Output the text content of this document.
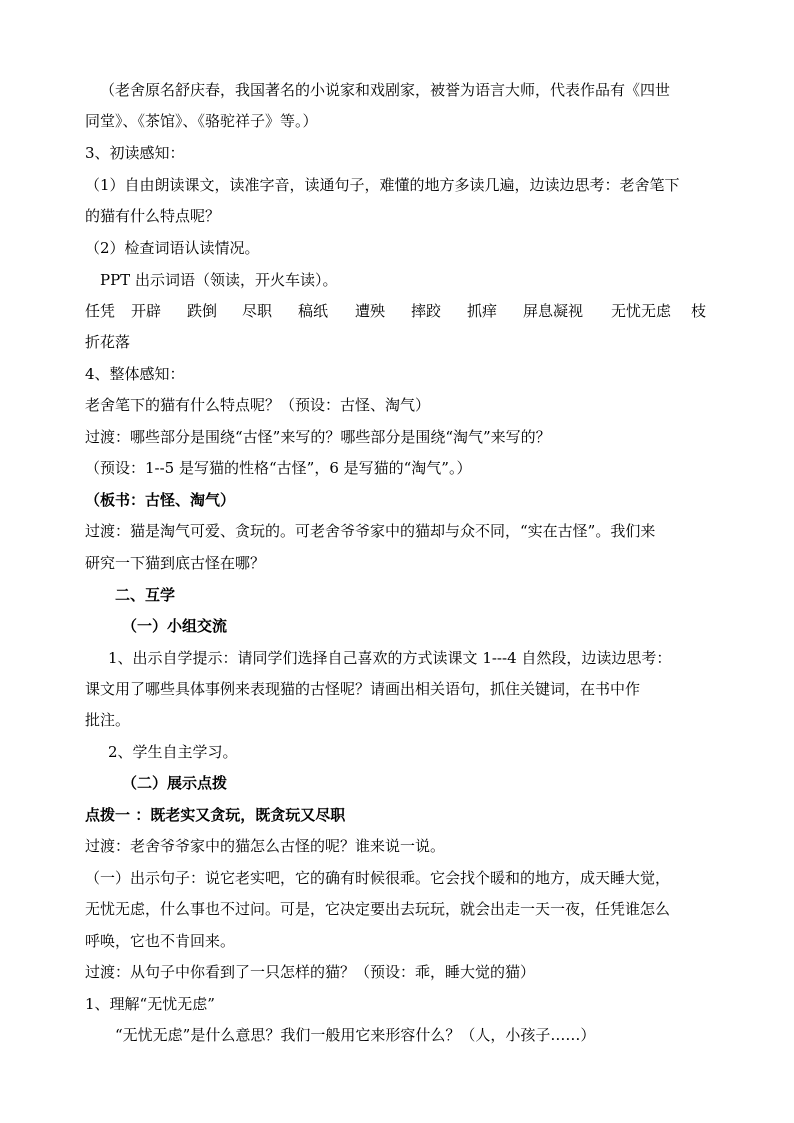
（老舍原名舒庆春，我国著名的小说家和戏剧家，被誉为语言大师，代表作品有《四世
同堂》、《茶馆》、《骆驼祥子》等。）
3、初读感知：
（1）自由朗读课文，读准字音，读通句子，难懂的地方多读几遍，边读边思考：老舍笔下
的猫有什么特点呢？
（2）检查词语认读情况。
PPT 出示词语（领读，开火车读）。
任凭 开辟 跌倒 尽职 稿纸 遭殃 摔跤 抓痒 屏息凝视 无忧无虑 枝
折花落
4、整体感知：
老舍笔下的猫有什么特点呢？（预设：古怪、淘气）
过渡：哪些部分是围绕“古怪”来写的？哪些部分是围绕“淘气”来写的？
（预设：1--5 是写猫的性格“古怪”，6 是写猫的“淘气”。）
（板书：古怪、淘气）
过渡：猫是淘气可爱、贪玩的。可老舍爷爷家中的猫却与众不同，“实在古怪”。我们来
研究一下猫到底古怪在哪？
二、互学
（一）小组交流
1、出示自学提示：请同学们选择自己喜欢的方式读课文 1---4 自然段，边读边思考：
课文用了哪些具体事例来表现猫的古怪呢？请画出相关语句，抓住关键词，在书中作
批注。
2、学生自主学习。
（二）展示点拨
点拨一 ：既老实又贪玩，既贪玩又尽职
过渡：老舍爷爷家中的猫怎么古怪的呢？谁来说一说。
（一）出示句子：说它老实吧，它的确有时候很乖。它会找个暖和的地方，成天睡大觉，
无忧无虑，什么事也不过问。可是，它决定要出去玩玩，就会出走一天一夜，任凭谁怎么
呼唤，它也不肯回来。
过渡：从句子中你看到了一只怎样的猫？（预设：乖，睡大觉的猫）
1、理解“无忧无虑”
“无忧无虑”是什么意思？我们一般用它来形容什么？（人，小孩子……）
